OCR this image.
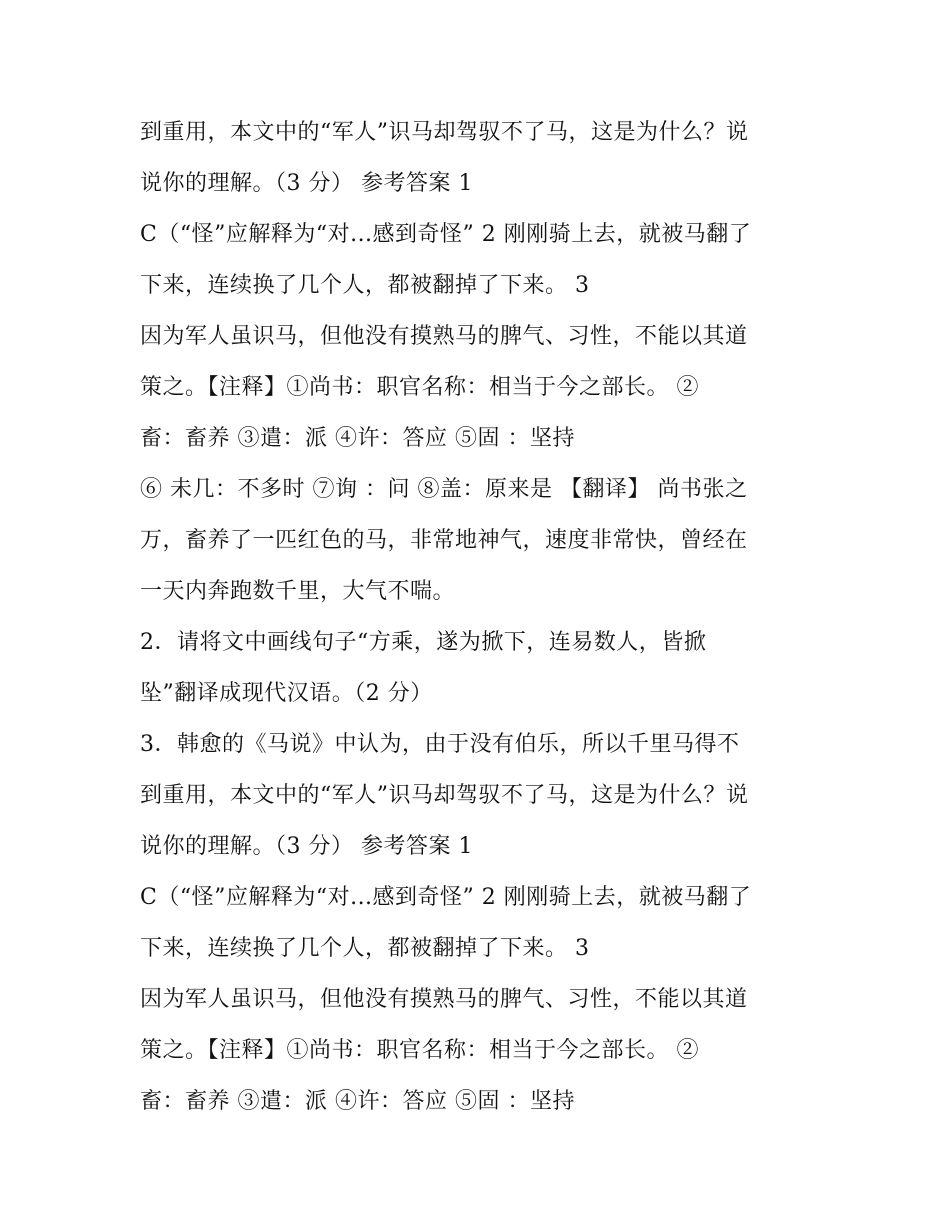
到重用，本文中的“军人”识马却驾驭不了马，这是为什么？说
说你的理解。（3 分） 参考答案 1
C（“怪”应解释为“对...感到奇怪” 2 刚刚骑上去，就被马翻了
下来，连续换了几个人，都被翻掉了下来。 3
因为军人虽识马，但他没有摸熟马的脾气、习性，不能以其道
策之。【注释】①尚书：职官名称：相当于今之部长。 ②
畜：畜养 ③遣：派 ④许：答应 ⑤固 ：坚持
⑥ 未几：不多时 ⑦询 ：问 ⑧盖：原来是 【翻译】 尚书张之
万，畜养了一匹红色的马，非常地神气，速度非常快，曾经在
一天内奔跑数千里，大气不喘。
2．请将文中画线句子“方乘，遂为掀下，连易数人，皆掀
坠”翻译成现代汉语。（2 分）
3．韩愈的《马说》中认为，由于没有伯乐，所以千里马得不
到重用，本文中的“军人”识马却驾驭不了马，这是为什么？说
说你的理解。（3 分） 参考答案 1
C（“怪”应解释为“对...感到奇怪” 2 刚刚骑上去，就被马翻了
下来，连续换了几个人，都被翻掉了下来。 3
因为军人虽识马，但他没有摸熟马的脾气、习性，不能以其道
策之。【注释】①尚书：职官名称：相当于今之部长。 ②
畜：畜养 ③遣：派 ④许：答应 ⑤固 ：坚持
